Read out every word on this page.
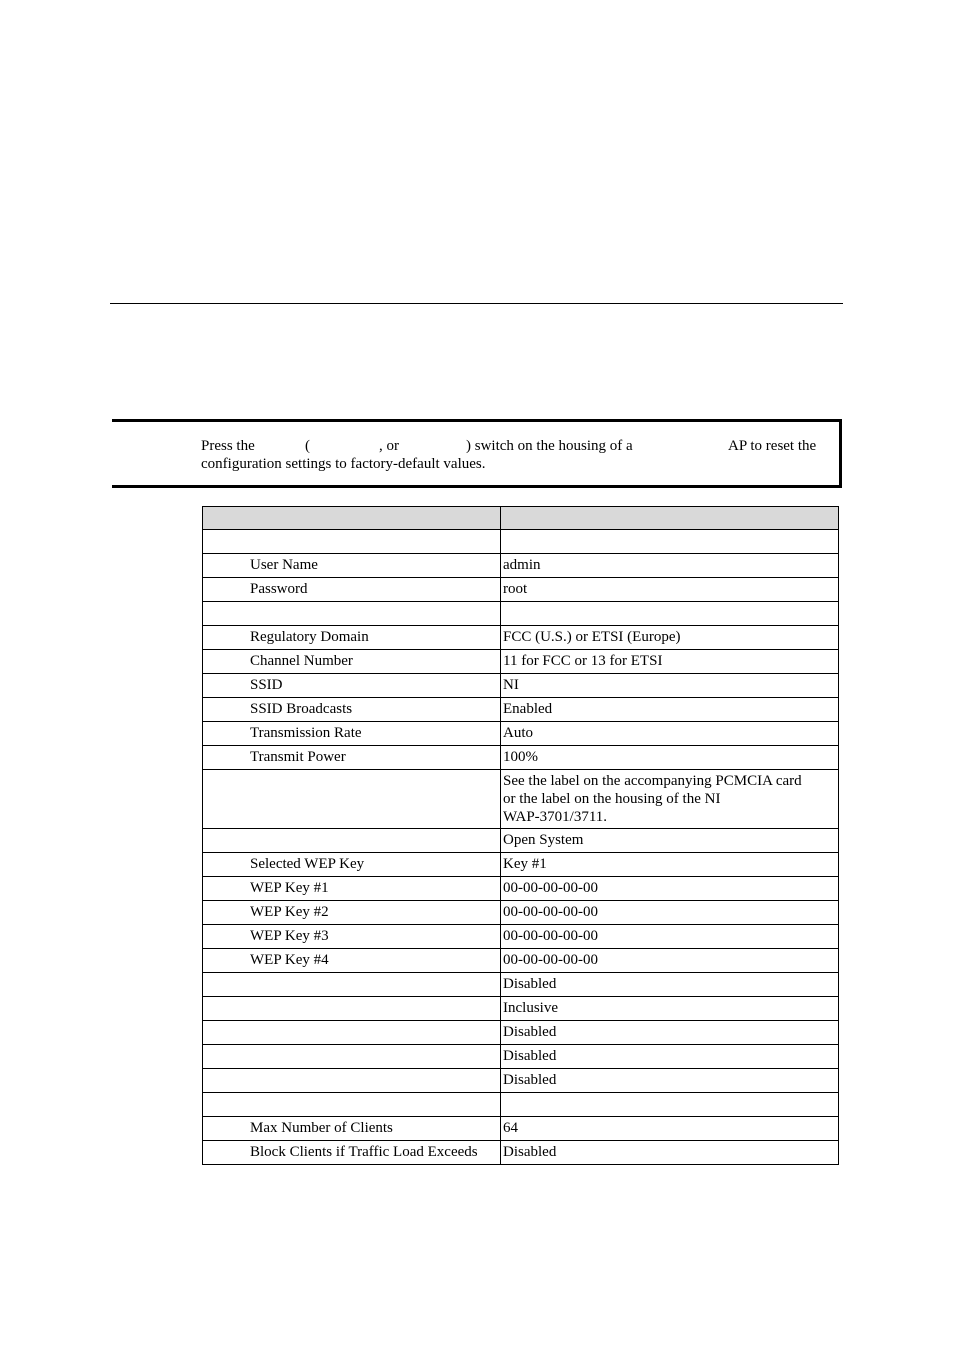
Press the	(	, or	) switch on the housing of a	AP to reset the
configuration settings to factory-default values.

User Name	admin
Password	root

Regulatory Domain	FCC (U.S.) or ETSI (Europe)
Channel Number	11 for FCC or 13 for ETSI
SSID	NI
SSID Broadcasts	Enabled
Transmission Rate	Auto
Transmit Power	100%

	See the label on the accompanying PCMCIA card
or the label on the housing of the NI
WAP-3701/3711.

	Open System
Selected WEP Key	Key #1
WEP Key #1	00-00-00-00-00
WEP Key #2	00-00-00-00-00
WEP Key #3	00-00-00-00-00
WEP Key #4	00-00-00-00-00
	Disabled
	Inclusive
	Disabled
	Disabled
	Disabled

Max Number of Clients	64
Block Clients if Traffic Load Exceeds	Disabled
